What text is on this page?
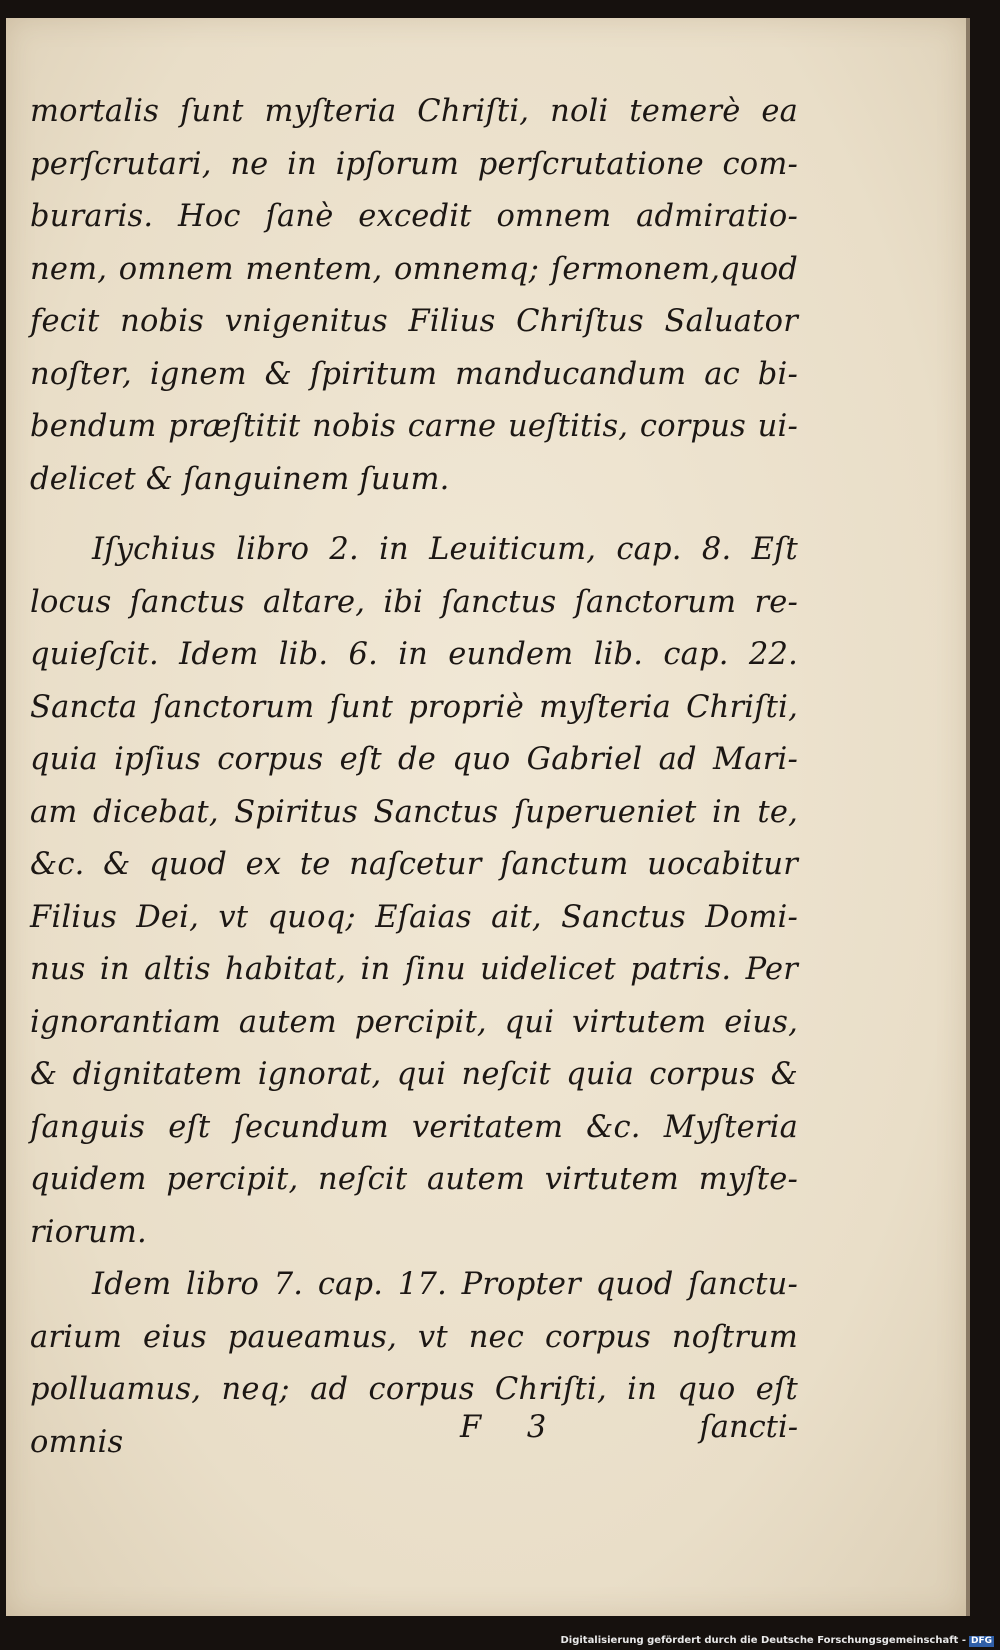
mortalis ſunt myſteria Chriſti, noli temerè ea
perſcrutari, ne in ipſorum perſcrutatione com-
buraris. Hoc ſanè excedit omnem admiratio-
nem, omnem mentem, omnemq; ſermonem,quod
fecit nobis vnigenitus Filius Chriſtus Saluator
noſter, ignem & ſpiritum manducandum ac bi-
bendum præſtitit nobis carne ueſtitis, corpus ui-
delicet & ſanguinem ſuum.
Iſychius libro 2. in Leuiticum, cap. 8. Eſt
locus ſanctus altare, ibi ſanctus ſanctorum re-
quieſcit. Idem lib. 6. in eundem lib. cap. 22.
Sancta ſanctorum ſunt propriè myſteria Chriſti,
quia ipſius corpus eſt de quo Gabriel ad Mari-
am dicebat, Spiritus Sanctus ſuperueniet in te,
&c. & quod ex te naſcetur ſanctum uocabitur
Filius Dei, vt quoq; Eſaias ait, Sanctus Domi-
nus in altis habitat, in ſinu uidelicet patris. Per
ignorantiam autem percipit, qui virtutem eius,
& dignitatem ignorat, qui neſcit quia corpus &
ſanguis eſt ſecundum veritatem &c. Myſteria
quidem percipit, neſcit autem virtutem myſte-
riorum.
Idem libro 7. cap. 17. Propter quod ſanctu-
arium eius paueamus, vt nec corpus noſtrum
polluamus, neq; ad corpus Chriſti, in quo eſt omnis	F 3	ſancti-
Digitalisierung gefördert durch die Deutsche Forschungsgemeinschaft - DFG
